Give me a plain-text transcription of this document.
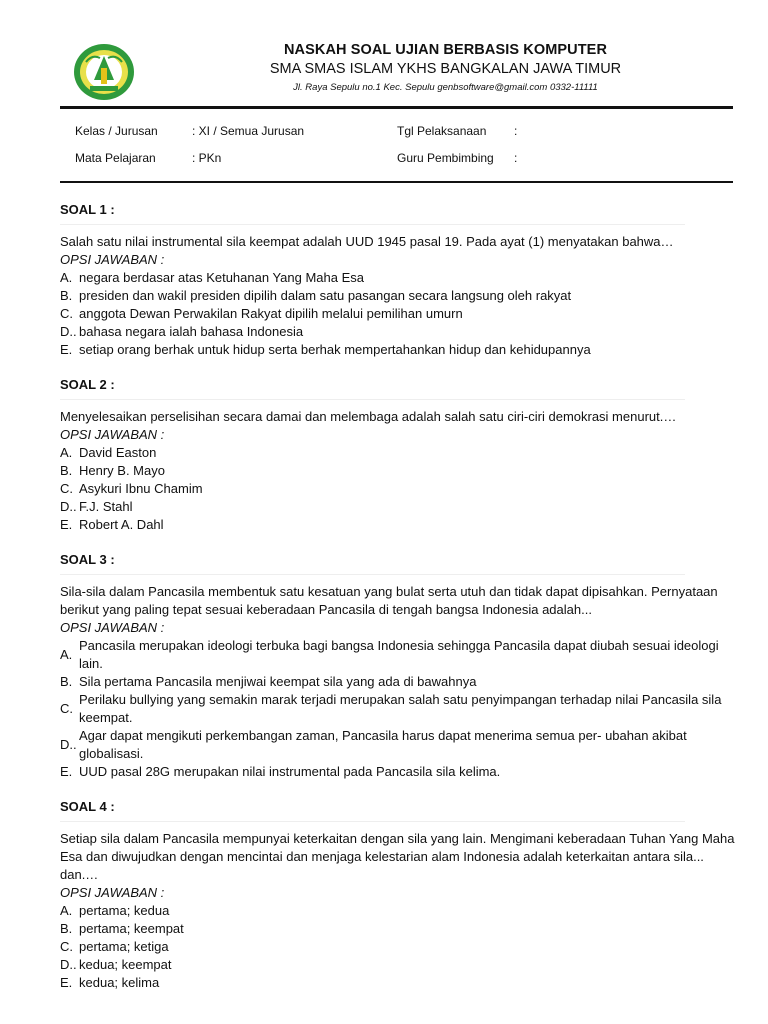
NASKAH SOAL UJIAN BERBASIS KOMPUTER
SMA SMAS ISLAM YKHS BANGKALAN JAWA TIMUR
Jl. Raya Sepulu no.1 Kec. Sepulu genbsoftware@gmail.com 0332-11111
Kelas / Jurusan	: XI / Semua Jurusan	Tgl Pelaksanaan :
Mata Pelajaran	: PKn	Guru Pembimbing :
SOAL 1 :
Salah satu nilai instrumental sila keempat adalah UUD 1945 pasal 19. Pada ayat (1) menyatakan bahwa…
OPSI JAWABAN :
A. negara berdasar atas Ketuhanan Yang Maha Esa
B. presiden dan wakil presiden dipilih dalam satu pasangan secara langsung oleh rakyat
C. anggota Dewan Perwakilan Rakyat dipilih melalui pemilihan umurn
D.. bahasa negara ialah bahasa Indonesia
E. setiap orang berhak untuk hidup serta berhak mempertahankan hidup dan kehidupannya
SOAL 2 :
Menyelesaikan perselisihan secara damai dan melembaga adalah salah satu ciri-ciri demokrasi menurut.…
OPSI JAWABAN :
A. David Easton
B. Henry B. Mayo
C. Asykuri Ibnu Chamim
D.. F.J. Stahl
E. Robert A. Dahl
SOAL 3 :
Sila-sila dalam Pancasila membentuk satu kesatuan yang bulat serta utuh dan tidak dapat dipisahkan. Pernyataan berikut yang paling tepat sesuai keberadaan Pancasila di tengah bangsa Indonesia adalah...
OPSI JAWABAN :
A.
Pancasila merupakan ideologi terbuka bagi bangsa Indonesia sehingga Pancasila dapat diubah sesuai ideologi lain.
B. Sila pertama Pancasila menjiwai keempat sila yang ada di bawahnya
C.
Perilaku bullying yang semakin marak terjadi merupakan salah satu penyimpangan terhadap nilai Pancasila sila keempat.
D..
Agar dapat mengikuti perkembangan zaman, Pancasila harus dapat menerima semua per- ubahan akibat globalisasi.
E. UUD pasal 28G merupakan nilai instrumental pada Pancasila sila kelima.
SOAL 4 :
Setiap sila dalam Pancasila mempunyai keterkaitan dengan sila yang lain. Mengimani keberadaan Tuhan Yang Maha Esa dan diwujudkan dengan mencintai dan menjaga kelestarian alam Indonesia adalah keterkaitan antara sila... dan.…
OPSI JAWABAN :
A. pertama; kedua
B. pertama; keempat
C. pertama; ketiga
D.. kedua; keempat
E. kedua; kelima
